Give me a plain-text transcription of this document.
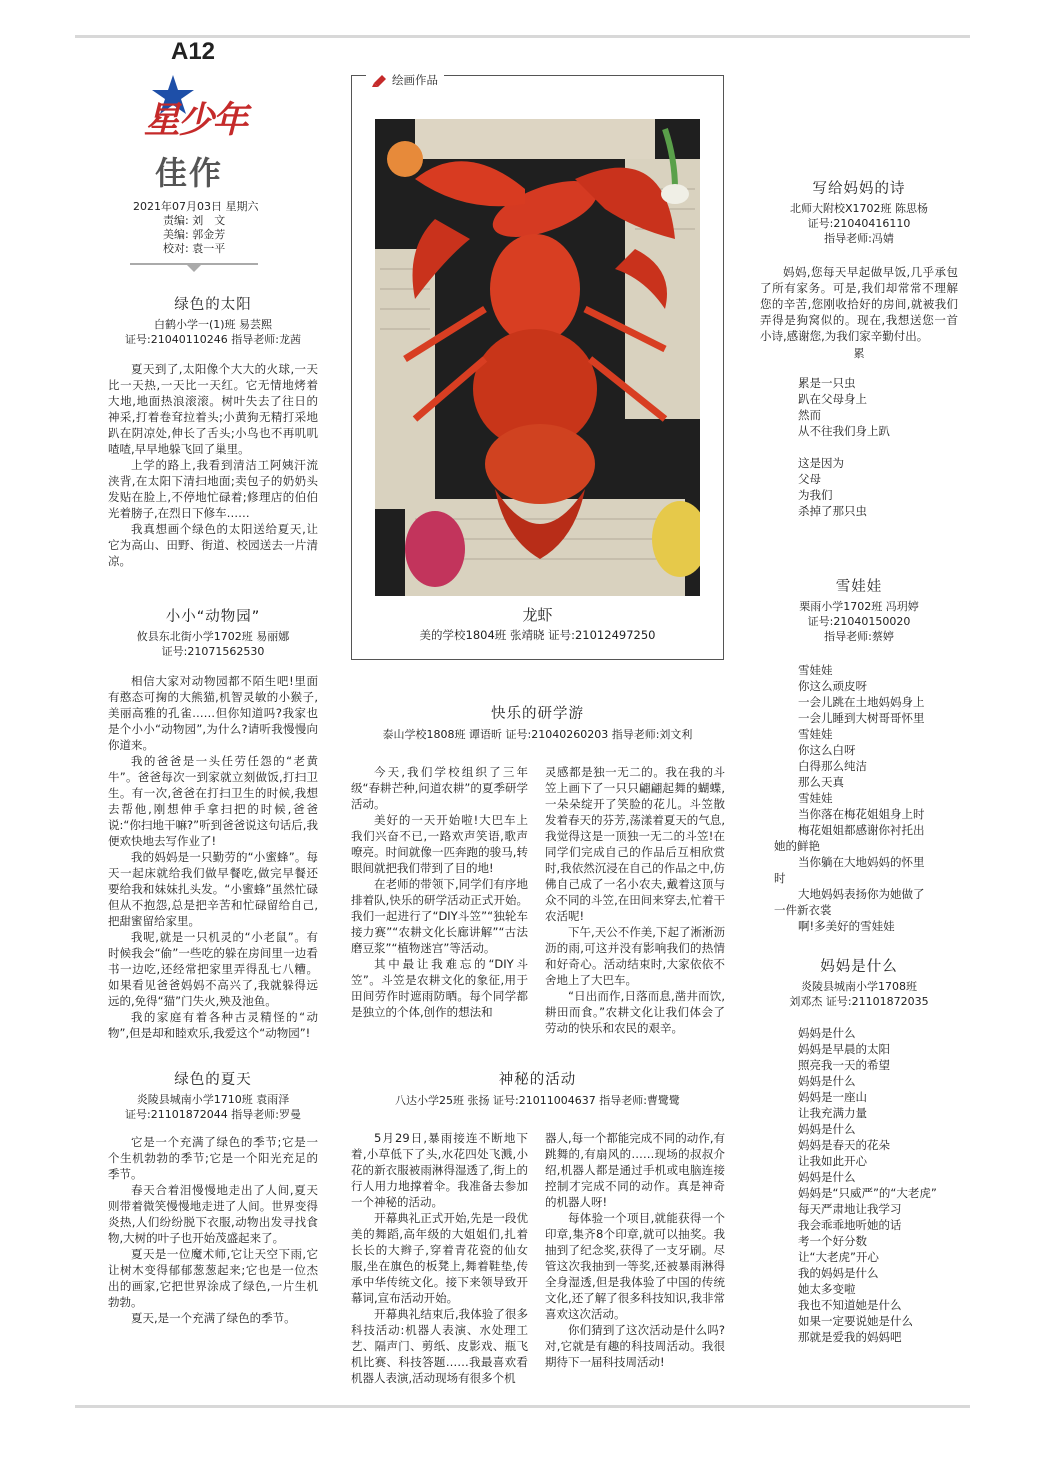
A12
星少年
佳作
2021年07月03日 星期六
责编: 刘　文
美编: 郭金芳
校对: 袁一平
绿色的太阳
白鹤小学一(1)班 易芸熙
证号:21040110246 指导老师:龙茜

夏天到了,太阳像个大大的火球,一天比一天热,一天比一天红。它无情地烤着大地,地面热浪滚滚。树叶失去了往日的神采,打着卷耷拉着头;小黄狗无精打采地趴在阴凉处,伸长了舌头;小鸟也不再叽叽喳喳,早早地躲飞回了巢里。

上学的路上,我看到清洁工阿姨汗流浃背,在太阳下清扫地面;卖包子的奶奶头发贴在脸上,不停地忙碌着;修理店的伯伯光着膀子,在烈日下修车……

我真想画个绿色的太阳送给夏天,让它为高山、田野、街道、校园送去一片清凉。

小小“动物园”
攸县东北街小学1702班 易丽娜
证号:21071562530

相信大家对动物园都不陌生吧!里面有憨态可掬的大熊猫,机智灵敏的小猴子,美丽高雅的孔雀……但你知道吗?我家也是个小小“动物园”,为什么?请听我慢慢向你道来。

我的爸爸是一头任劳任怨的“老黄牛”。爸爸每次一到家就立刻做饭,打扫卫生。有一次,爸爸在打扫卫生的时候,我想去帮他,刚想伸手拿扫把的时候,爸爸说:“你扫地干嘛?”听到爸爸说这句话后,我便欢快地去写作业了!

我的妈妈是一只勤劳的“小蜜蜂”。每天一起床就给我们做早餐吃,做完早餐还要给我和妹妹扎头发。“小蜜蜂”虽然忙碌但从不抱怨,总是把辛苦和忙碌留给自己,把甜蜜留给家里。

我呢,就是一只机灵的“小老鼠”。有时候我会“偷”一些吃的躲在房间里一边看书一边吃,还经常把家里弄得乱七八糟。如果看见爸爸妈妈不高兴了,我就躲得远远的,免得“猫”门失火,殃及池鱼。

我的家庭有着各种古灵精怪的“动物”,但是却和睦欢乐,我爱这个“动物园”!

绿色的夏天
炎陵县城南小学1710班 袁雨泽
证号:21101872044 指导老师:罗曼

它是一个充满了绿色的季节;它是一个生机勃勃的季节;它是一个阳光充足的季节。

春天合着泪慢慢地走出了人间,夏天则带着微笑慢慢地走进了人间。世界变得炎热,人们纷纷脱下衣服,动物出发寻找食物,大树的叶子也开始茂盛起来了。

夏天是一位魔术师,它让天空下雨,它让树木变得郁郁葱葱起来;它也是一位杰出的画家,它把世界涂成了绿色,一片生机勃勃。

夏天,是一个充满了绿色的季节。

绘画作品
龙虾
美的学校1804班 张靖晓 证号:21012497250
快乐的研学游
泰山学校1808班 谭语昕 证号:21040260203 指导老师:刘文利

今天,我们学校组织了三年级“春耕芒种,问道农耕”的夏季研学活动。

美好的一天开始啦!大巴车上我们兴奋不已,一路欢声笑语,歌声嘹亮。时间就像一匹奔跑的骏马,转眼间就把我们带到了目的地!

在老师的带领下,同学们有序地排着队,快乐的研学活动正式开始。我们一起进行了“DIY斗笠”“独轮车接力赛”“农耕文化长廊讲解”“古法磨豆浆”“植物迷宫”等活动。

其中最让我难忘的“DIY斗笠”。斗笠是农耕文化的象征,用于田间劳作时遮雨防晒。每个同学都是独立的个体,创作的想法和

灵感都是独一无二的。我在我的斗笠上画下了一只只翩翩起舞的蝴蝶,一朵朵绽开了笑脸的花儿。斗笠散发着春天的芬芳,荡漾着夏天的气息,我觉得这是一顶独一无二的斗笠!在同学们完成自己的作品后互相欣赏时,我依然沉浸在自己的作品之中,仿佛自己成了一名小农夫,戴着这顶与众不同的斗笠,在田间来穿去,忙着干农活呢!

下午,天公不作美,下起了淅淅沥沥的雨,可这并没有影响我们的热情和好奇心。活动结束时,大家依依不舍地上了大巴车。

“日出而作,日落而息,凿井而饮,耕田而食。”农耕文化让我们体会了劳动的快乐和农民的艰辛。

神秘的活动
八达小学25班 张扬 证号:21011004637 指导老师:曹鹭鹭

5月29日,暴雨接连不断地下着,小草低下了头,水花四处飞溅,小花的新衣服被雨淋得湿透了,街上的行人用力地撑着伞。我准备去参加一个神秘的活动。

开幕典礼正式开始,先是一段优美的舞蹈,高年级的大姐姐们,扎着长长的大辫子,穿着青花瓷的仙女服,坐在旗色的板凳上,舞着鞋垫,传承中华传统文化。接下来领导致开幕词,宣布活动开始。

开幕典礼结束后,我体验了很多科技活动:机器人表演、水处理工艺、隔声门、剪纸、皮影戏、瓶飞机比赛、科技答题……我最喜欢看机器人表演,活动现场有很多个机

器人,每一个都能完成不同的动作,有跳舞的,有扇风的……现场的叔叔介绍,机器人都是通过手机或电脑连接控制才完成不同的动作。真是神奇的机器人呀!

每体验一个项目,就能获得一个印章,集齐8个印章,就可以抽奖。我抽到了纪念奖,获得了一支牙刷。尽管这次我抽到一等奖,还被暴雨淋得全身湿透,但是我体验了中国的传统文化,还了解了很多科技知识,我非常喜欢这次活动。

你们猜到了这次活动是什么吗?对,它就是有趣的科技周活动。我很期待下一届科技周活动!

写给妈妈的诗
北师大附校X1702班 陈思杨
证号:21040416110
指导老师:冯婧

妈妈,您每天早起做早饭,几乎承包了所有家务。可是,我们却常常不理解您的辛苦,您刚收拾好的房间,就被我们弄得是狗窝似的。现在,我想送您一首小诗,感谢您,为我们家辛勤付出。

累
累是一只虫
趴在父母身上
然而
从不往我们身上趴
这是因为
父母
为我们
杀掉了那只虫
雪娃娃
栗雨小学1702班 冯玥婷
证号:21040150020
指导老师:蔡婷
雪娃娃
你这么顽皮呀
一会儿跳在土地妈妈身上
一会儿睡到大树哥哥怀里
雪娃娃
你这么白呀
白得那么纯洁
那么天真
雪娃娃
当你落在梅花姐姐身上时
梅花姐姐都感谢你衬托出
她的鲜艳
当你躺在大地妈妈的怀里
时
大地妈妈表扬你为她做了
一件新衣裳
啊!多美好的雪娃娃
妈妈是什么
炎陵县城南小学1708班
刘邓杰 证号:21101872035
妈妈是什么
妈妈是早晨的太阳
照亮我一天的希望
妈妈是什么
妈妈是一座山
让我充满力量
妈妈是什么
妈妈是春天的花朵
让我如此开心
妈妈是什么
妈妈是“只威严”的“大老虎”
每天严肃地让我学习
我会乖乖地听她的话
考一个好分数
让“大老虎”开心
我的妈妈是什么
她太多变啦
我也不知道她是什么
如果一定要说她是什么
那就是爱我的妈妈吧
